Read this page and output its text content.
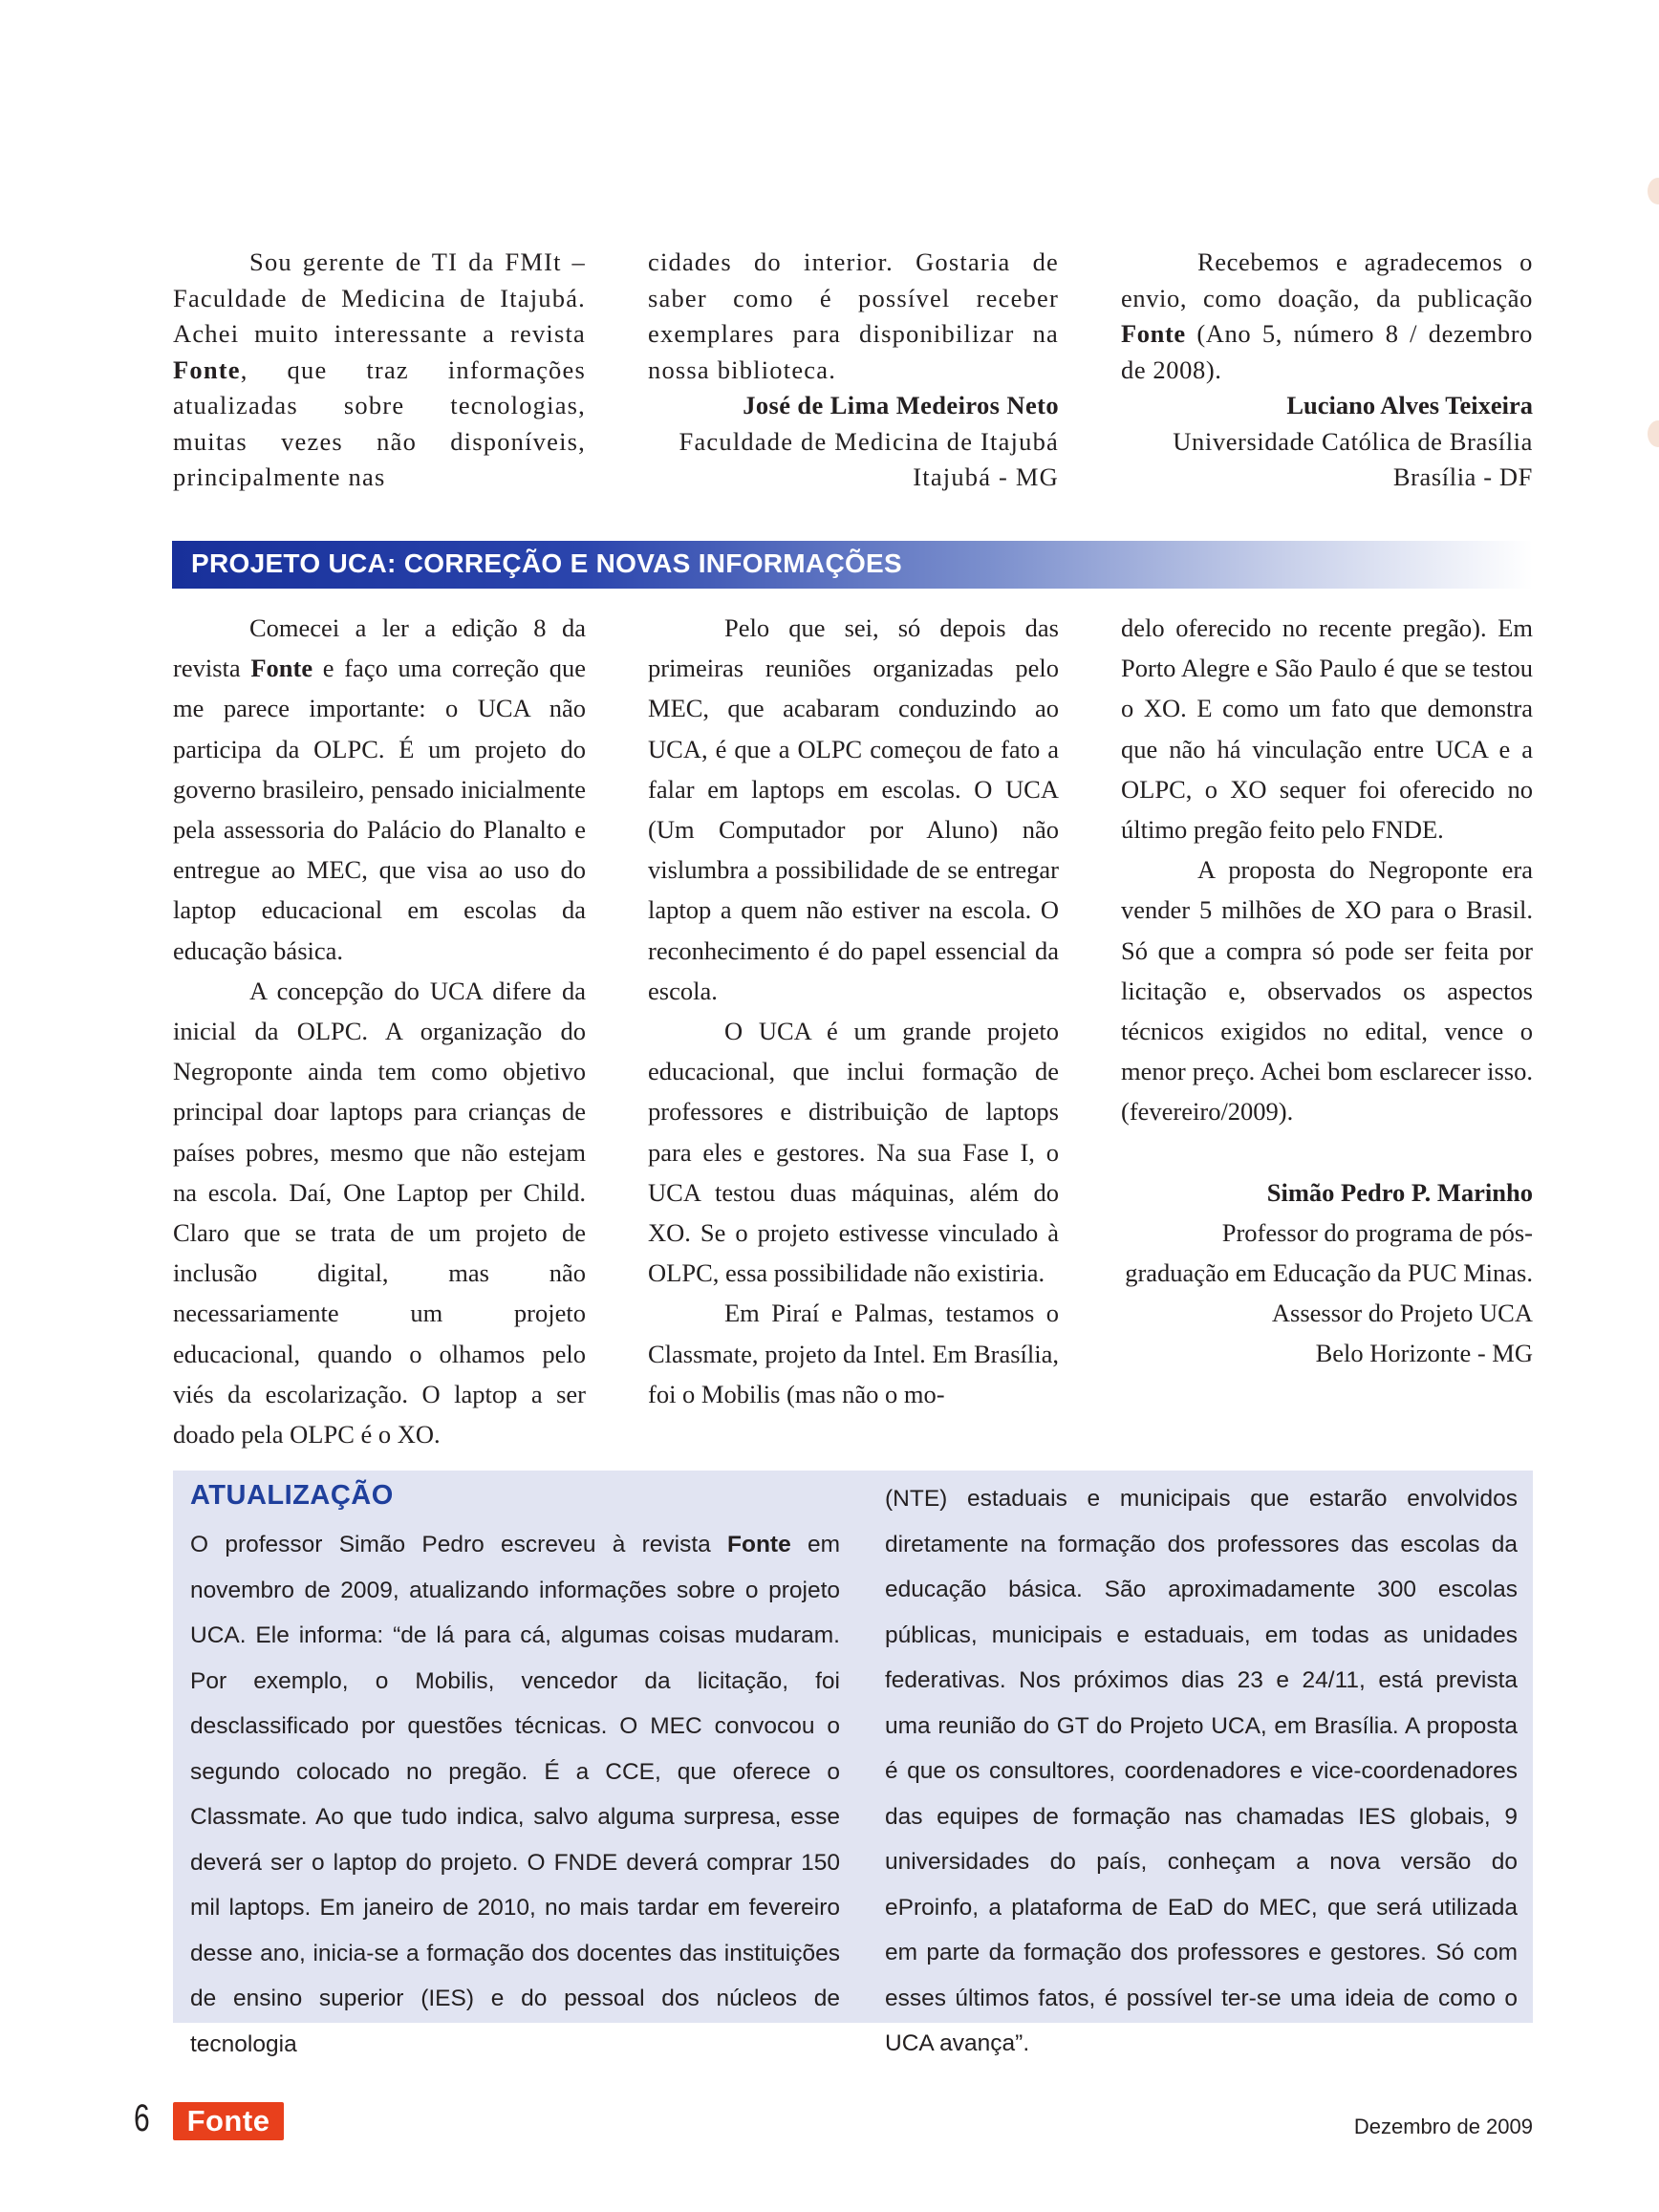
Sou gerente de TI da FMIt – Faculdade de Medicina de Itajubá. Achei muito interessante a revista Fonte, que traz informações atualizadas sobre tecnologias, muitas vezes não disponíveis, principalmente nas

cidades do interior. Gostaria de saber como é possível receber exemplares para disponibilizar na nossa biblioteca.

José de Lima Medeiros Neto

Faculdade de Medicina de Itajubá

Itajubá - MG

Recebemos e agradecemos o envio, como doação, da publicação Fonte (Ano 5, número 8 / dezembro de 2008).

Luciano Alves Teixeira

Universidade Católica de Brasília

Brasília - DF

PROJETO UCA: CORREÇÃO E NOVAS INFORMAÇÕES

Comecei a ler a edição 8 da revista Fonte e faço uma correção que me parece importante: o UCA não participa da OLPC. É um projeto do governo brasileiro, pensado inicialmente pela assessoria do Palácio do Planalto e entregue ao MEC, que visa ao uso do laptop educacional em escolas da educação básica.

A concepção do UCA difere da inicial da OLPC. A organização do Negroponte ainda tem como objetivo principal doar laptops para crianças de países pobres, mesmo que não estejam na escola. Daí, One Laptop per Child. Claro que se trata de um projeto de inclusão digital, mas não necessariamente um projeto educacional, quando o olhamos pelo viés da escolarização. O laptop a ser doado pela OLPC é o XO.

Pelo que sei, só depois das primeiras reuniões organizadas pelo MEC, que acabaram conduzindo ao UCA, é que a OLPC começou de fato a falar em laptops em escolas. O UCA (Um Computador por Aluno) não vislumbra a possibilidade de se entregar laptop a quem não estiver na escola. O reconhecimento é do papel essencial da escola.

O UCA é um grande projeto educacional, que inclui formação de professores e distribuição de laptops para eles e gestores. Na sua Fase I, o UCA testou duas máquinas, além do XO. Se o projeto estivesse vinculado à OLPC, essa possibilidade não existiria.

Em Piraí e Palmas, testamos o Classmate, projeto da Intel. Em Brasília, foi o Mobilis (mas não o mo-

delo oferecido no recente pregão). Em Porto Alegre e São Paulo é que se testou o XO. E como um fato que demonstra que não há vinculação entre UCA e a OLPC, o XO sequer foi oferecido no último pregão feito pelo FNDE.

A proposta do Negroponte era vender 5 milhões de XO para o Brasil. Só que a compra só pode ser feita por licitação e, observados os aspectos técnicos exigidos no edital, vence o menor preço. Achei bom esclarecer isso. (fevereiro/2009).

Simão Pedro P. Marinho

Professor do programa de pós-graduação em Educação da PUC Minas. Assessor do Projeto UCA

Belo Horizonte - MG

ATUALIZAÇÃO
O professor Simão Pedro escreveu à revista Fonte em novembro de 2009, atualizando informações sobre o projeto UCA. Ele informa: “de lá para cá, algumas coisas mudaram. Por exemplo, o Mobilis, vencedor da licitação, foi desclassificado por questões técnicas. O MEC convocou o segundo colocado no pregão. É a CCE, que oferece o Classmate. Ao que tudo indica, salvo alguma surpresa, esse deverá ser o laptop do projeto. O FNDE deverá comprar 150 mil laptops. Em janeiro de 2010, no mais tardar em fevereiro desse ano, inicia-se a formação dos docentes das instituições de ensino superior (IES) e do pessoal dos núcleos de tecnologia
(NTE) estaduais e municipais que estarão envolvidos diretamente na formação dos professores das escolas da educação básica. São aproximadamente 300 escolas públicas, municipais e estaduais, em todas as unidades federativas. Nos próximos dias 23 e 24/11, está prevista uma reunião do GT do Projeto UCA, em Brasília. A proposta é que os consultores, coordenadores e vice-coordenadores das equipes de formação nas chamadas IES globais, 9 universidades do país, conheçam a nova versão do eProinfo, a plataforma de EaD do MEC, que será utilizada em parte da formação dos professores e gestores. Só com esses últimos fatos, é possível ter-se uma ideia de como o UCA avança”.
6	Fonte	Dezembro de 2009
